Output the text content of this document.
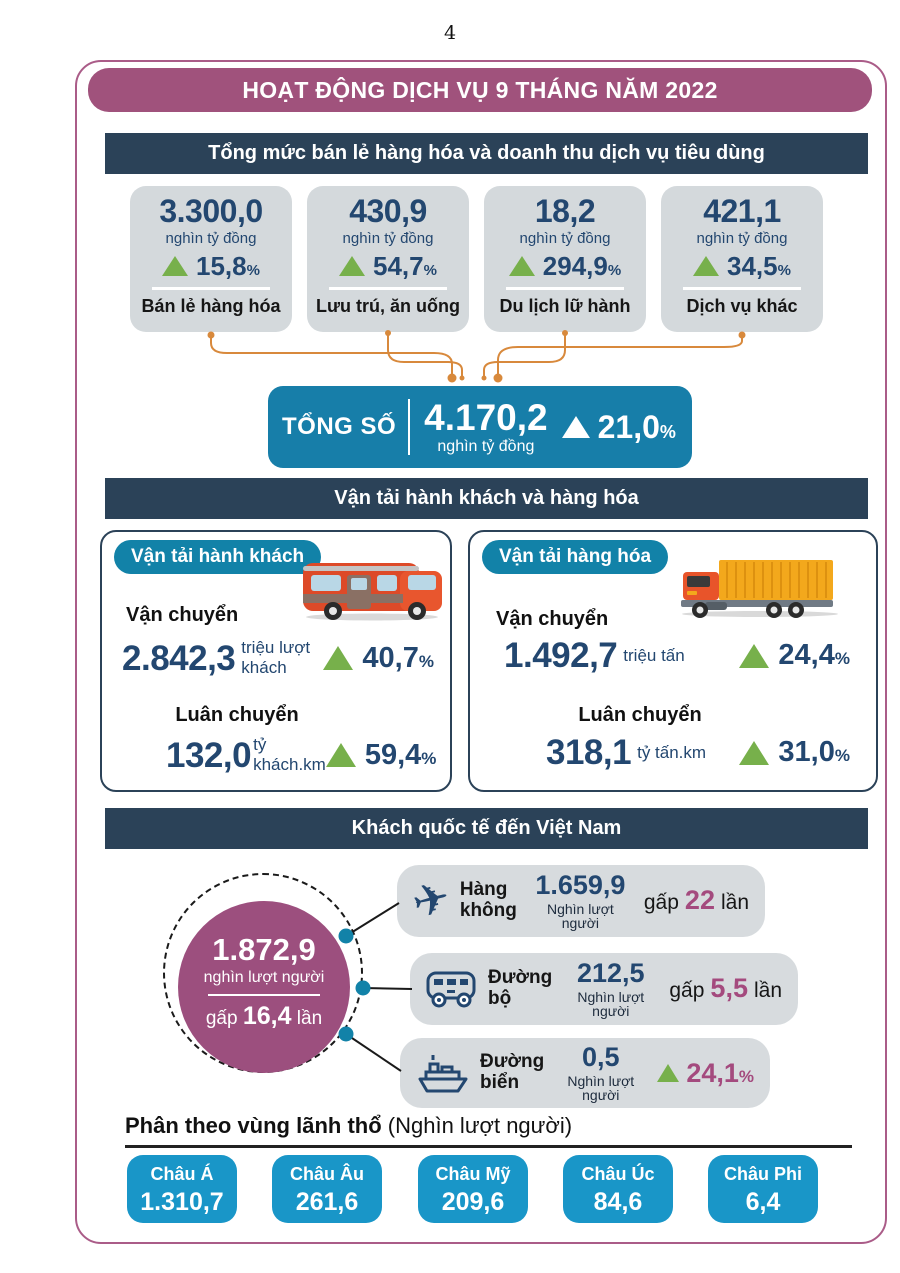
4
HOẠT ĐỘNG DỊCH VỤ 9 THÁNG NĂM 2022
Tổng mức bán lẻ hàng hóa và doanh thu dịch vụ tiêu dùng
3.300,0
nghìn tỷ đồng
15,8 %
Bán lẻ hàng hóa
430,9
nghìn tỷ đồng
54,7 %
Lưu trú, ăn uống
18,2
nghìn tỷ đồng
294,9 %
Du lịch lữ hành
421,1
nghìn tỷ đồng
34,5 %
Dịch vụ khác
TỔNG SỐ 4.170,2
nghìn tỷ đồng
21,0 %
Vận tải hành khách và hàng hóa
Vận tải hành khách
Vận chuyển
2.842,3 triệu lượt khách	40,7 %
Luân chuyển
132,0 tỷ khách.km 59,4 %
Vận tải hàng hóa
Vận chuyển
1.492,7 triệu tấn	24,4 %
Luân chuyển
318,1 tỷ tấn.km 31,0 %
Khách quốc tế đến Việt Nam
1.872,9
nghìn lượt người
gấp 16,4 lần
✈ Hàng
không
1.659,9
Nghìn lượt người
gấp 22 lần
Đường
bộ
212,5
Nghìn lượt người
gấp 5,5 lần
Đường
biển
0,5
Nghìn lượt người
24,1 %
Phân theo vùng lãnh thổ (Nghìn lượt người)
Châu Á
1.310,7
Châu Âu
261,6
Châu Mỹ
209,6
Châu Úc
84,6
Châu Phi
6,4
